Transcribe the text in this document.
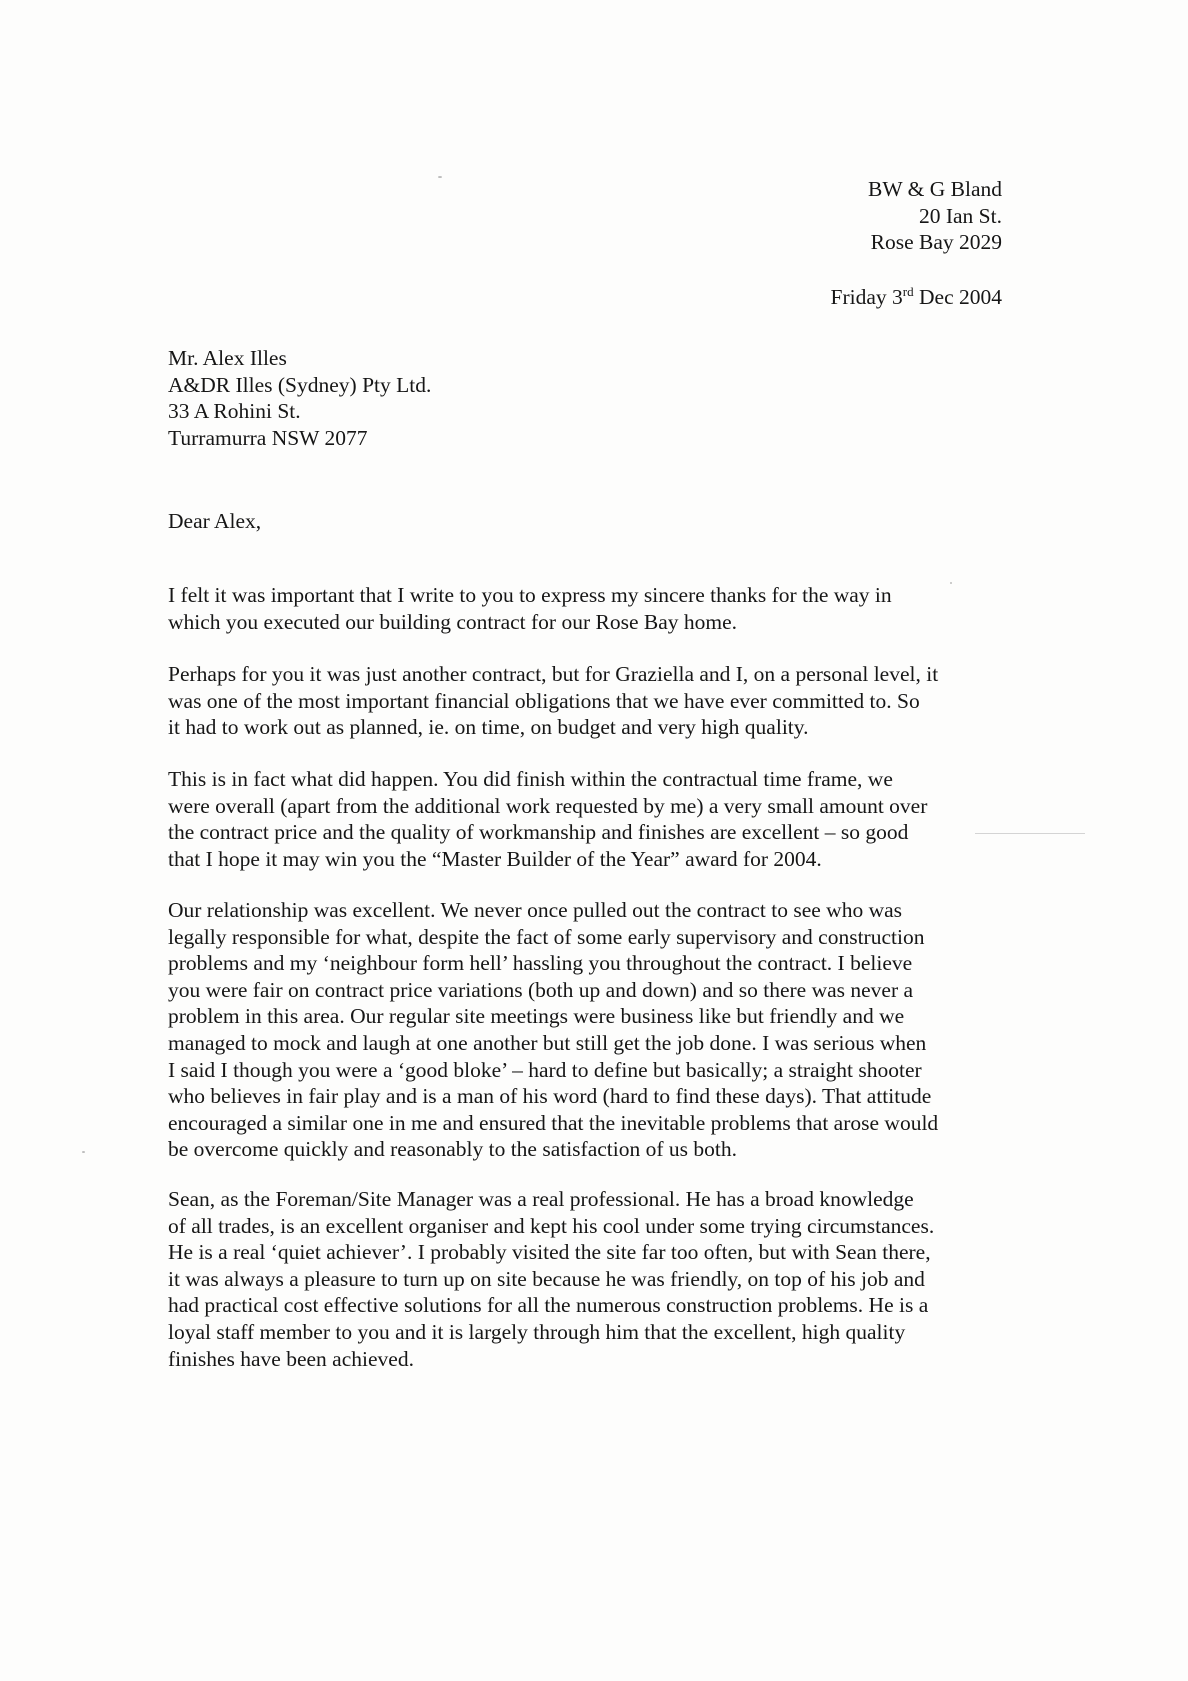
BW & G Bland
20 Ian St.
Rose Bay 2029
Friday 3rd Dec 2004
Mr. Alex Illes
A&DR Illes (Sydney) Pty Ltd.
33 A Rohini St.
Turramurra NSW 2077
Dear Alex,

I felt it was important that I write to you to express my sincere thanks for the way in
which you executed our building contract for our Rose Bay home.

Perhaps for you it was just another contract, but for Graziella and I, on a personal level, it
was one of the most important financial obligations that we have ever committed to. So
it had to work out as planned, ie. on time, on budget and very high quality.

This is in fact what did happen. You did finish within the contractual time frame, we
were overall (apart from the additional work requested by me) a very small amount over
the contract price and the quality of workmanship and finishes are excellent – so good
that I hope it may win you the “Master Builder of the Year” award for 2004.

Our relationship was excellent. We never once pulled out the contract to see who was
legally responsible for what, despite the fact of some early supervisory and construction
problems and my ‘neighbour form hell’ hassling you throughout the contract. I believe
you were fair on contract price variations (both up and down) and so there was never a
problem in this area. Our regular site meetings were business like but friendly and we
managed to mock and laugh at one another but still get the job done. I was serious when
I said I though you were a ‘good bloke’ – hard to define but basically; a straight shooter
who believes in fair play and is a man of his word (hard to find these days). That attitude
encouraged a similar one in me and ensured that the inevitable problems that arose would
be overcome quickly and reasonably to the satisfaction of us both.

Sean, as the Foreman/Site Manager was a real professional. He has a broad knowledge
of all trades, is an excellent organiser and kept his cool under some trying circumstances.
He is a real ‘quiet achiever’. I probably visited the site far too often, but with Sean there,
it was always a pleasure to turn up on site because he was friendly, on top of his job and
had practical cost effective solutions for all the numerous construction problems. He is a
loyal staff member to you and it is largely through him that the excellent, high quality
finishes have been achieved.
